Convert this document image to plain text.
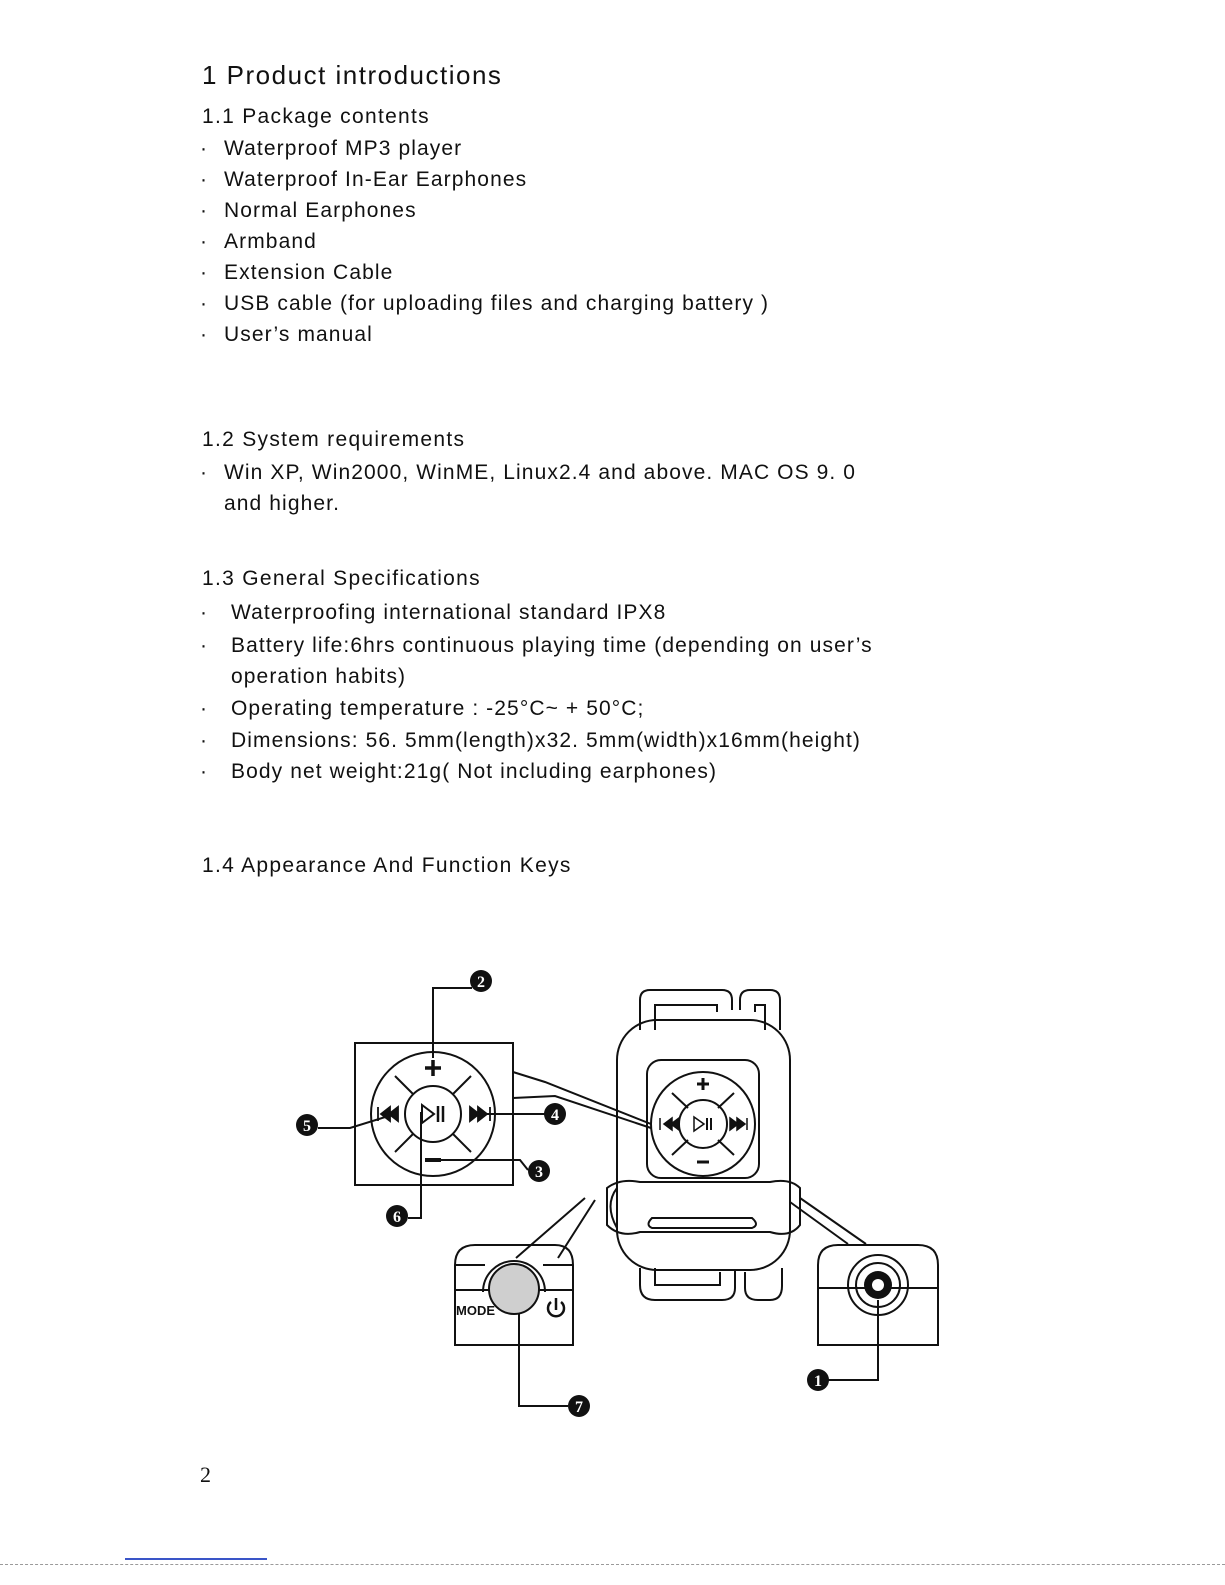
1 Product introductions
1.1 Package contents
· Waterproof MP3 player
· Waterproof In-Ear Earphones
· Normal Earphones
· Armband
· Extension Cable
· USB cable (for uploading files and charging battery )
· User’s manual
1.2 System requirements
· Win XP, Win2000, WinME, Linux2.4 and above. MAC OS 9. 0
and higher.
1.3 General Specifications
· Waterproofing international standard IPX8
· Battery life:6hrs continuous playing time (depending on user’s
operation habits)
· Operating temperature : -25°C~ + 50°C;
· Dimensions: 56. 5mm(length)x32. 5mm(width)x16mm(height)
· Body net weight:21g( Not including earphones)
1.4 Appearance And Function Keys
MODE
2
4
3
5
6
7
1
2
